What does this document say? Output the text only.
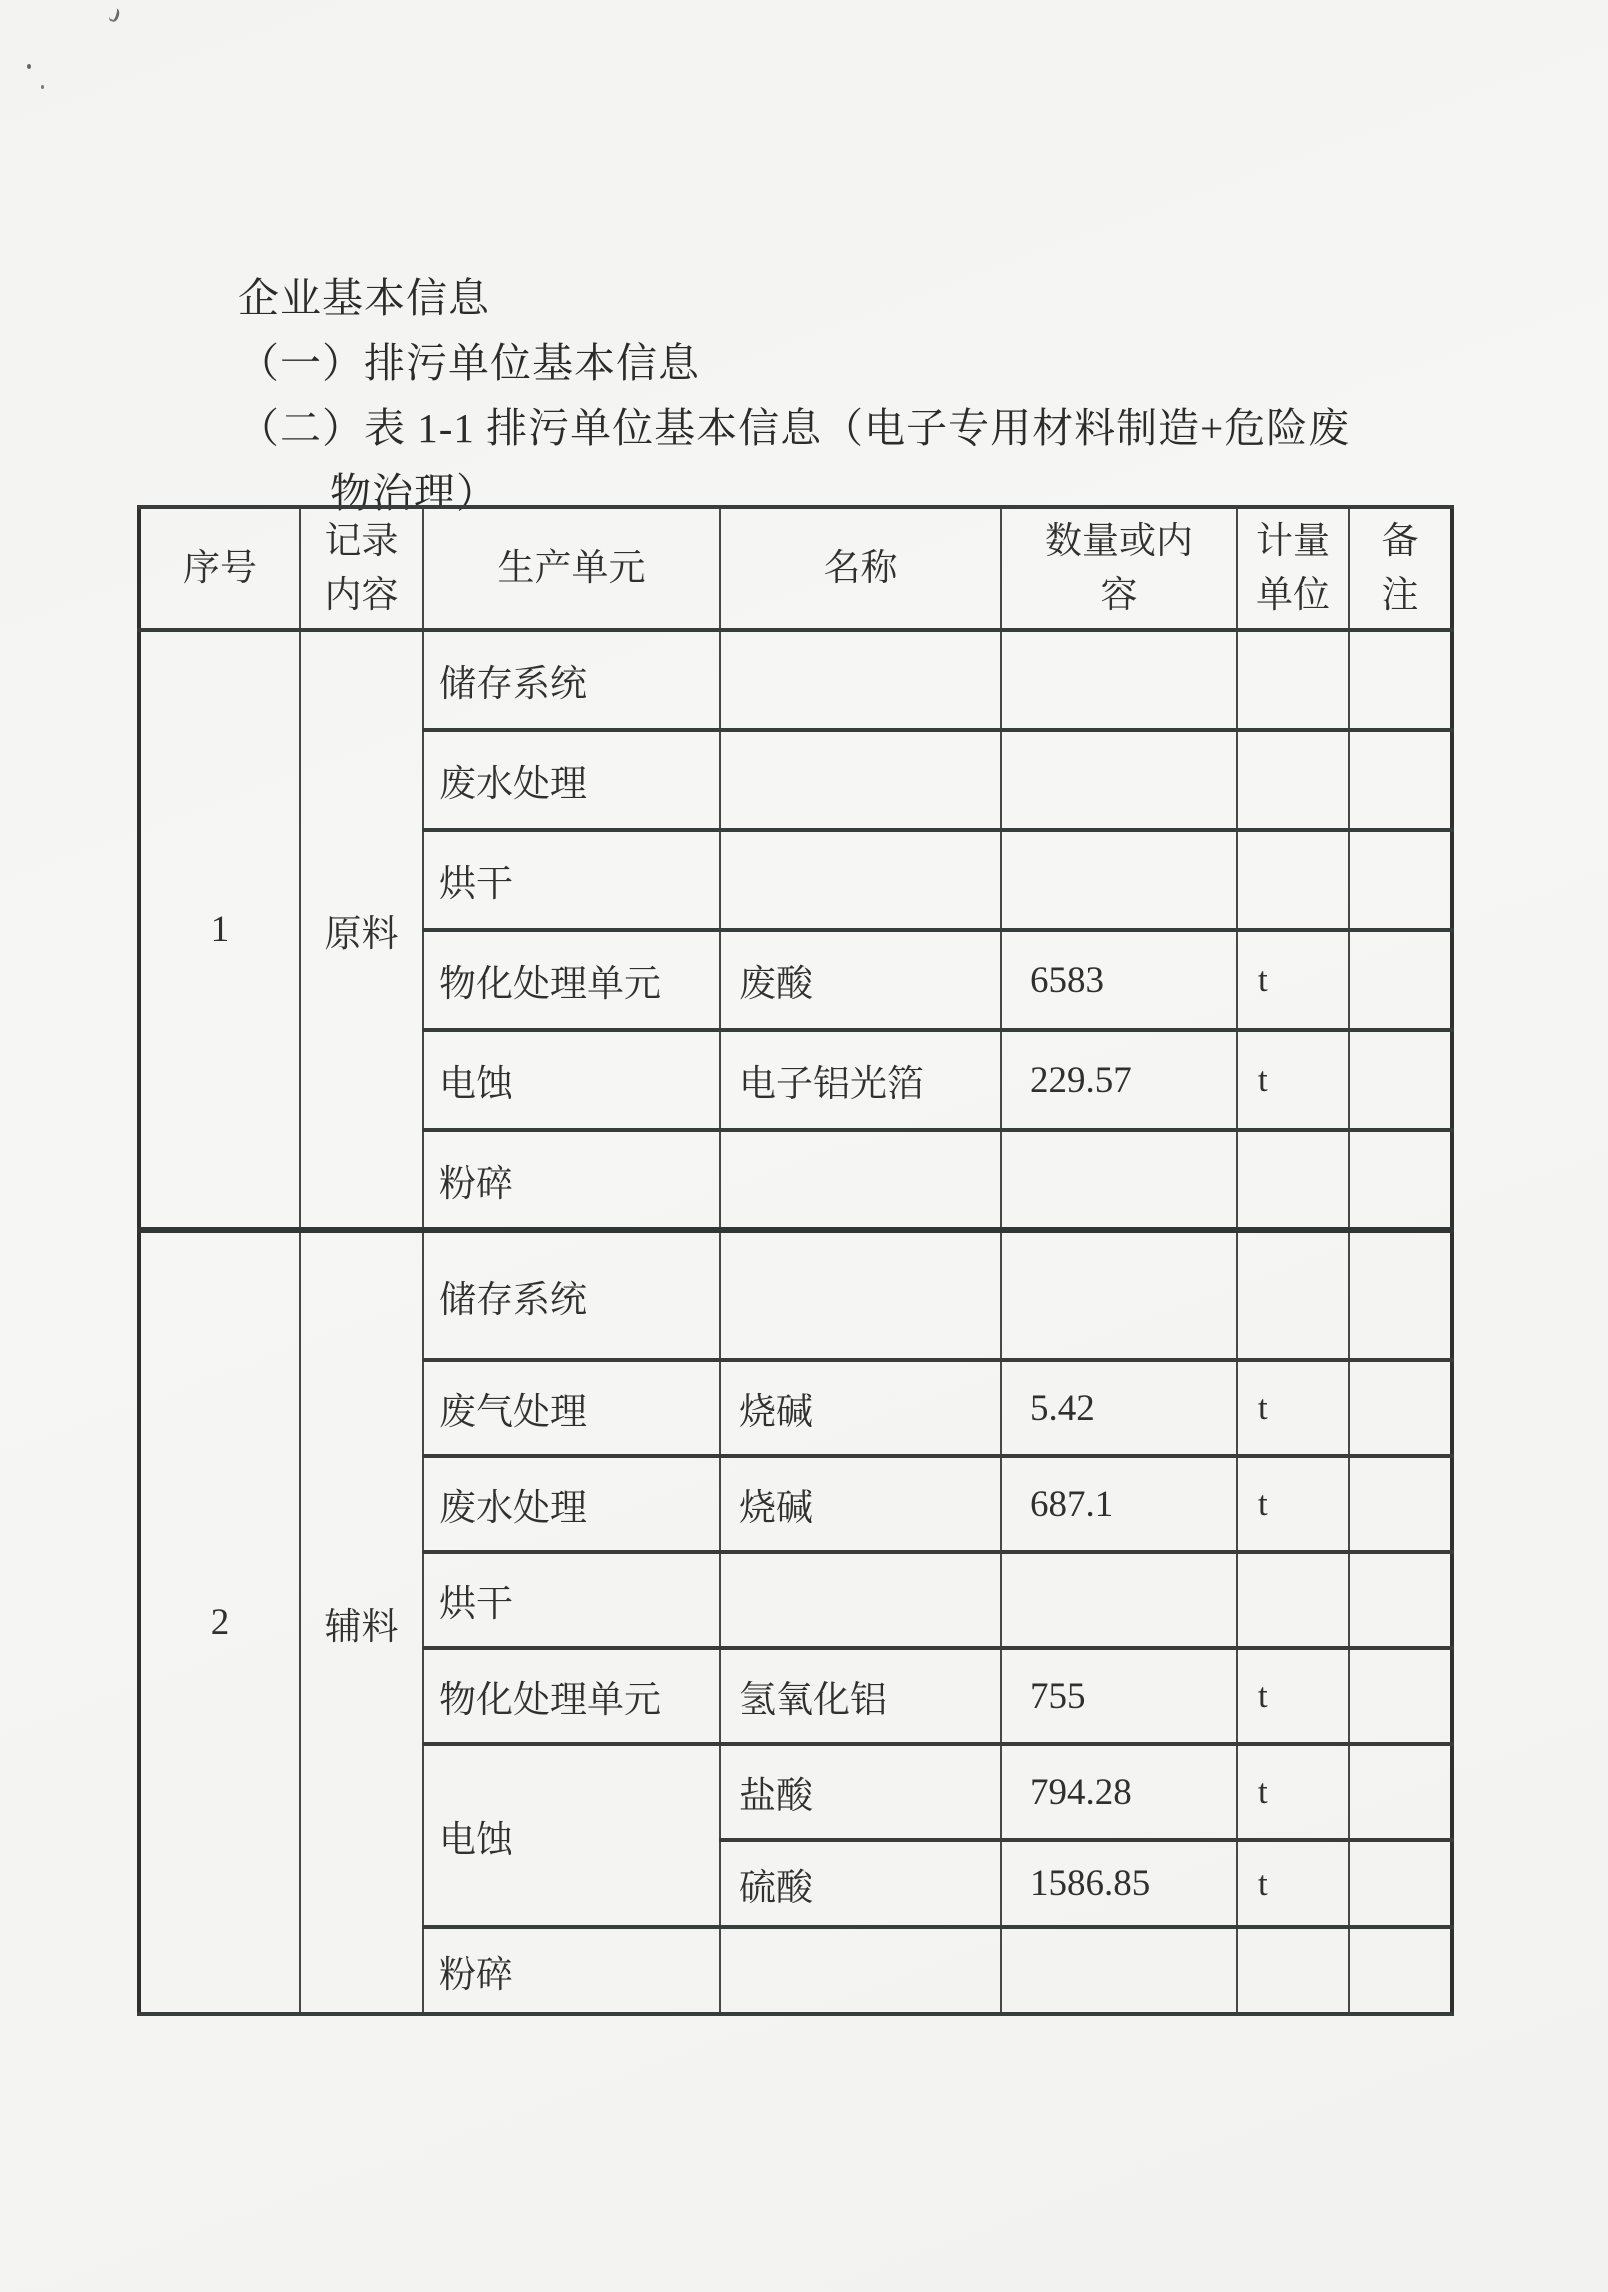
企业基本信息
（一）排污单位基本信息
（二）表 1-1 排污单位基本信息（电子专用材料制造+危险废
物治理）
序号	记录内容	生产单元	名称	数量或内容	计量单位	备注
1	原料	储存系统				
		废水处理				
		烘干				
		物化处理单元	废酸	6583	t	
		电蚀	电子铝光箔	229.57	t	
		粉碎				
2	辅料	储存系统				
		废气处理	烧碱	5.42	t	
		废水处理	烧碱	687.1	t	
		烘干				
		物化处理单元	氢氧化铝	755	t	
		电蚀	盐酸	794.28	t	
			硫酸	1586.85	t	
		粉碎				
